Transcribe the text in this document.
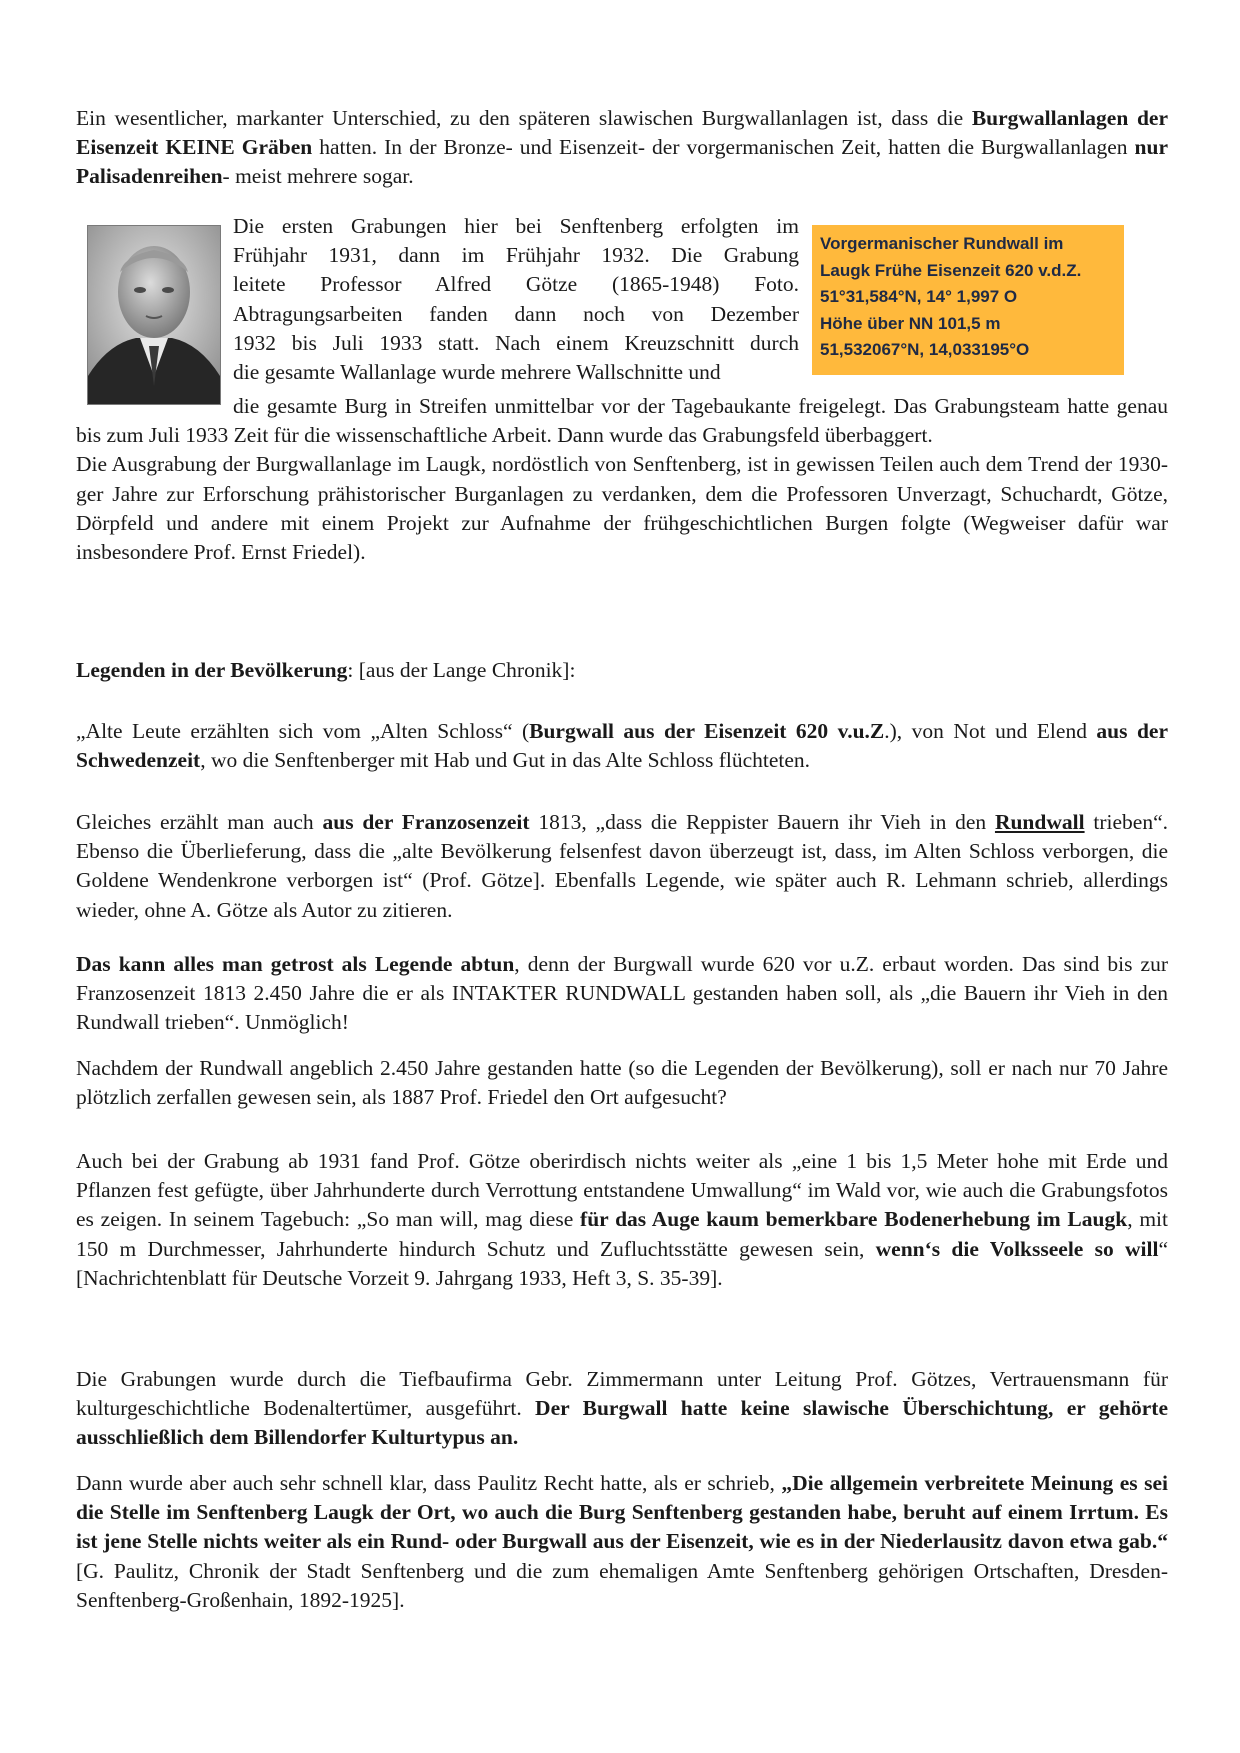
Ein wesentlicher, markanter Unterschied, zu den späteren slawischen Burgwallanlagen ist, dass die Burgwallanlagen der Eisenzeit KEINE Gräben hatten. In der Bronze- und Eisenzeit- der vorgermanischen Zeit, hatten die Burgwallanlagen nur Palisadenreihen- meist mehrere sogar.

Die ersten Grabungen hier bei Senftenberg erfolgten im
Frühjahr 1931, dann im Frühjahr 1932. Die Grabung
leitete Professor Alfred Götze (1865-1948) Foto.
Abtragungsarbeiten fanden dann noch von Dezember
1932 bis Juli 1933 statt. Nach einem Kreuzschnitt durch
die gesamte Wallanlage wurde mehrere Wallschnitte und
Vorgermanischer Rundwall im
Laugk Frühe Eisenzeit 620 v.d.Z.
51°31,584°N, 14° 1,997 O
Höhe über NN 101,5 m
51,532067°N, 14,033195°O

die gesamte Burg in Streifen unmittelbar vor der Tagebaukante freigelegt. Das Grabungsteam hatte genau bis zum Juli 1933 Zeit für die wissenschaftliche Arbeit. Dann wurde das Grabungsfeld überbaggert.

Die Ausgrabung der Burgwallanlage im Laugk, nordöstlich von Senftenberg, ist in gewissen Teilen auch dem Trend der 1930-ger Jahre zur Erforschung prähistorischer Burganlagen zu verdanken, dem die Professoren Unverzagt, Schuchardt, Götze, Dörpfeld und andere mit einem Projekt zur Aufnahme der frühgeschichtlichen Burgen folgte (Wegweiser dafür war insbesondere Prof. Ernst Friedel).

Legenden in der Bevölkerung: [aus der Lange Chronik]:

„Alte Leute erzählten sich vom „Alten Schloss“ (Burgwall aus der Eisenzeit 620 v.u.Z.), von Not und Elend aus der Schwedenzeit, wo die Senftenberger mit Hab und Gut in das Alte Schloss flüchteten.

Gleiches erzählt man auch aus der Franzosenzeit 1813, „dass die Reppister Bauern ihr Vieh in den Rundwall trieben“. Ebenso die Überlieferung, dass die „alte Bevölkerung felsenfest davon überzeugt ist, dass, im Alten Schloss verborgen, die Goldene Wendenkrone verborgen ist“ (Prof. Götze]. Ebenfalls Legende, wie später auch R. Lehmann schrieb, allerdings wieder, ohne A. Götze als Autor zu zitieren.

Das kann alles man getrost als Legende abtun, denn der Burgwall wurde 620 vor u.Z. erbaut worden. Das sind bis zur Franzosenzeit 1813 2.450 Jahre die er als INTAKTER RUNDWALL gestanden haben soll, als „die Bauern ihr Vieh in den Rundwall trieben“. Unmöglich!

Nachdem der Rundwall angeblich 2.450 Jahre gestanden hatte (so die Legenden der Bevölkerung), soll er nach nur 70 Jahre plötzlich zerfallen gewesen sein, als 1887 Prof. Friedel den Ort aufgesucht?

Auch bei der Grabung ab 1931 fand Prof. Götze oberirdisch nichts weiter als „eine 1 bis 1,5 Meter hohe mit Erde und Pflanzen fest gefügte, über Jahrhunderte durch Verrottung entstandene Umwallung“ im Wald vor, wie auch die Grabungsfotos es zeigen. In seinem Tagebuch: „So man will, mag diese für das Auge kaum bemerkbare Bodenerhebung im Laugk, mit 150 m Durchmesser, Jahrhunderte hindurch Schutz und Zufluchtsstätte gewesen sein, wenn‘s die Volksseele so will“ [Nachrichtenblatt für Deutsche Vorzeit 9. Jahrgang 1933, Heft 3, S. 35-39].

Die Grabungen wurde durch die Tiefbaufirma Gebr. Zimmermann unter Leitung Prof. Götzes, Vertrauensmann für kulturgeschichtliche Bodenaltertümer, ausgeführt. Der Burgwall hatte keine slawische Überschichtung, er gehörte ausschließlich dem Billendorfer Kulturtypus an.

Dann wurde aber auch sehr schnell klar, dass Paulitz Recht hatte, als er schrieb, „Die allgemein verbreitete Meinung es sei die Stelle im Senftenberg Laugk der Ort, wo auch die Burg Senftenberg gestanden habe, beruht auf einem Irrtum. Es ist jene Stelle nichts weiter als ein Rund- oder Burgwall aus der Eisenzeit, wie es in der Niederlausitz davon etwa gab.“ [G. Paulitz, Chronik der Stadt Senftenberg und die zum ehemaligen Amte Senftenberg gehörigen Ortschaften, Dresden-Senftenberg-Großenhain, 1892-1925].
